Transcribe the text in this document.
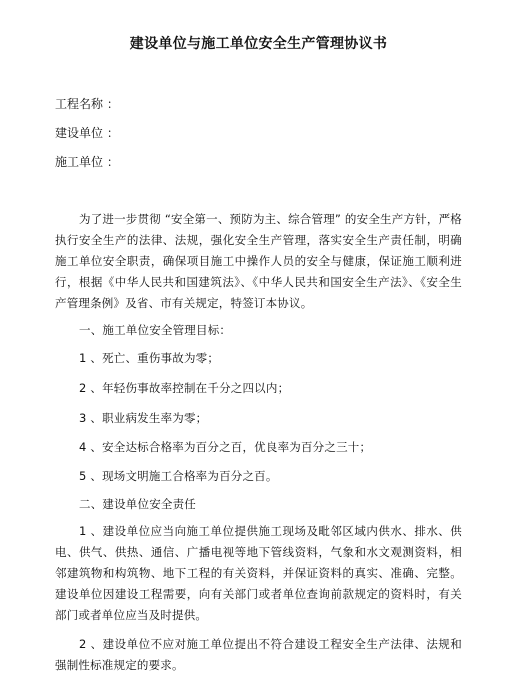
建设单位与施工单位安全生产管理协议书
工程名称 ：
建设单位 ：
施工单位 ：

为了进一步贯彻 “安全第一、预防为主、综合管理” 的安全生产方针，严格执行安全生产的法律、法规，强化安全生产管理，落实安全生产责任制，明确施工单位安全职责，确保项目施工中操作人员的安全与健康，保证施工顺利进行，根据《中华人民共和国建筑法》、《中华人民共和国安全生产法》、《安全生产管理条例》及省、市有关规定，特签订本协议。

一、施工单位安全管理目标：
1 、死亡、重伤事故为零；
2 、年轻伤事故率控制在千分之四以内；
3 、职业病发生率为零；
4 、安全达标合格率为百分之百，优良率为百分之三十；
5 、现场文明施工合格率为百分之百。
二、建设单位安全责任

1 、建设单位应当向施工单位提供施工现场及毗邻区域内供水、排水、供电、供气、供热、通信、广播电视等地下管线资料，气象和水文观测资料，相邻建筑物和构筑物、地下工程的有关资料，并保证资料的真实、准确、完整。建设单位因建设工程需要，向有关部门或者单位查询前款规定的资料时，有关部门或者单位应当及时提供。

2 、建设单位不应对施工单位提出不符合建设工程安全生产法律、法规和强制性标准规定的要求。
